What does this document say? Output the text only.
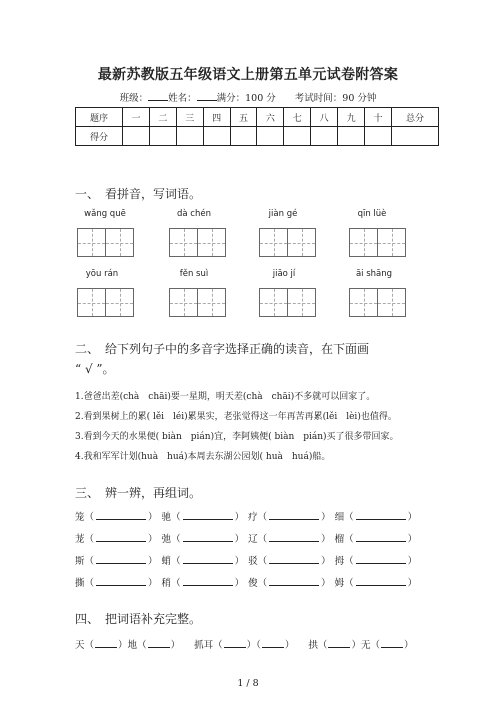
最新苏教版五年级语文上册第五单元试卷附答案
班级： 姓名： 满分：100 分　　 考试时间：90 分钟
题序	一	二	三	四	五	六	七	八	九	十	总分
得分											
一、　看拼音，写词语。
wǎng quē	dà chén	jiàn gé	qīn lüè
yōu rán	fěn suì	jiāo jí	āi shāng
二、　给下列句子中的多音字选择正确的读音，在下面画
“ √ ”。
1.爸爸出差(chà　chāi)要一星期，明天差(chà　chāi)不多就可以回家了。
2.看到果树上的累( lěi　léi)累果实，老张觉得这一年再苦再累(lěi　lèi)也值得。
3.看到今天的水果便( biàn　pián)宜，李阿姨便( biàn　pián)买了很多带回家。
4.我和军军计划(huà　huá)本周去东湖公园划( huà　huá)船。
三、　辨一辨，再组词。
笼 （	） 驰 （	） 疗 （	） 细 （	）
茏 （	） 弛 （	） 辽 （	） 榴 （	）
斯 （	） 蛸 （	） 驳 （	） 拇 （	）
撕 （	） 稍 （	） 俊 （	） 姆 （	）
四、　把词语补充完整。
天 （	） 地 （	） 抓耳 （	）（	） 拱 （	） 无 （	）
1 / 8
